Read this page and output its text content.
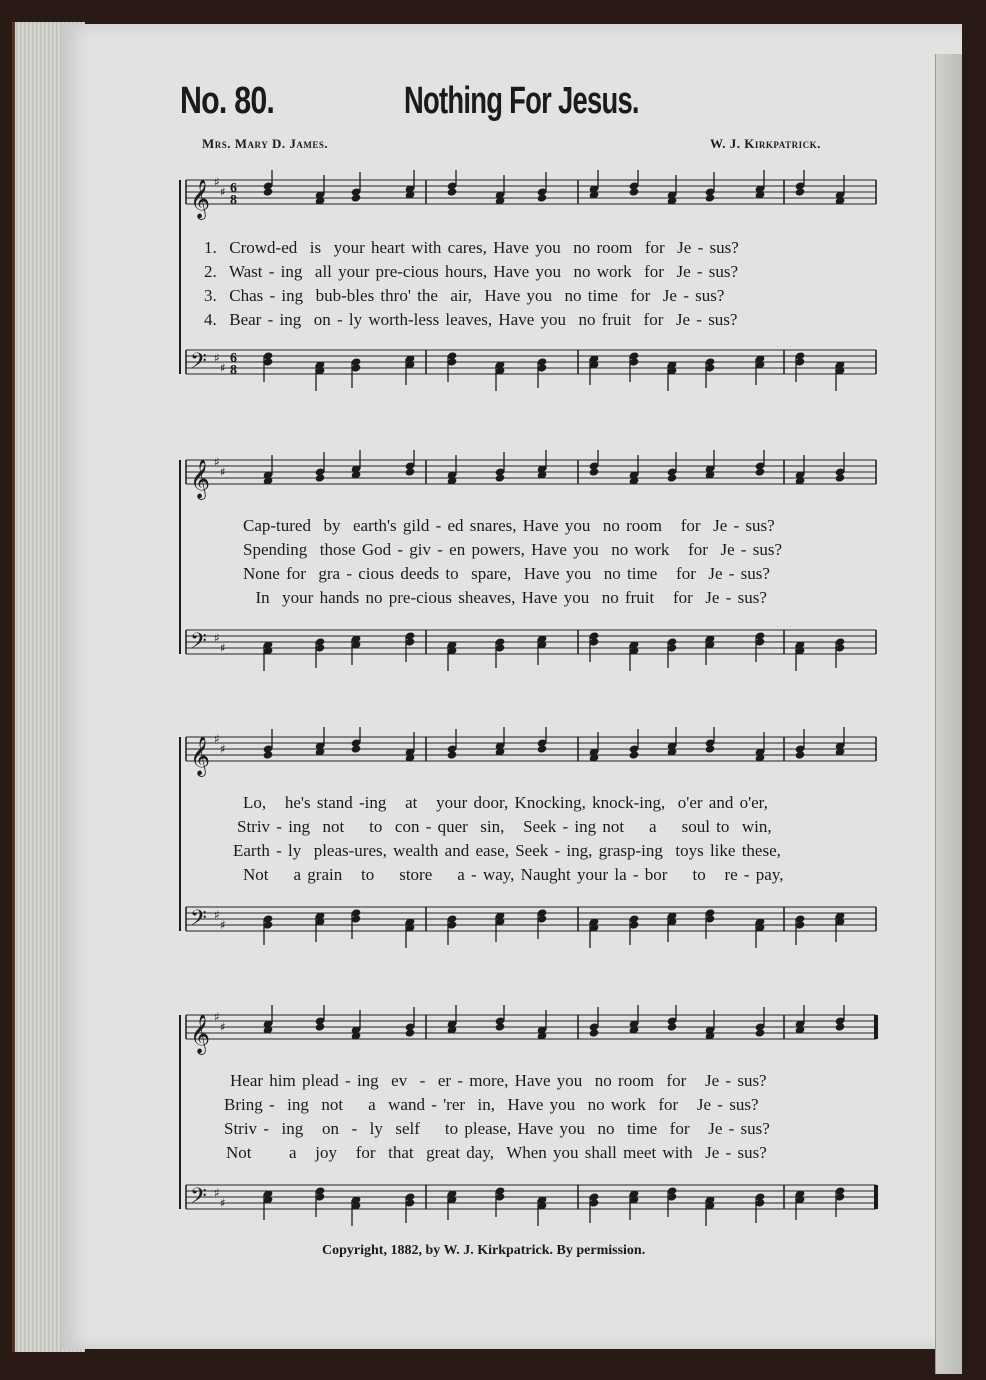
No. 80.	Nothing For Jesus.
Mrs. Mary D. James.	W. J. Kirkpatrick.
𝄞 ♯
♯ 6
8
𝄢 ♯
♯
6
8
1.  Crowd-ed  is  your heart with cares, Have you  no room  for  Je - sus?
2.  Wast - ing  all your pre-cious hours, Have you  no work  for  Je - sus?
3.  Chas - ing  bub-bles thro' the  air,  Have you  no time  for  Je - sus?
4.  Bear - ing  on - ly worth-less leaves, Have you  no fruit  for  Je - sus?
𝄞 ♯
♯
𝄢 ♯
♯
Cap-tured  by  earth's gild - ed snares, Have you  no room   for  Je - sus?
Spending  those God - giv - en powers, Have you  no work   for  Je - sus?
None for  gra - cious deeds to  spare,  Have you  no time   for  Je - sus?
In  your hands no pre-cious sheaves, Have you  no fruit   for  Je - sus?
𝄞 ♯
♯
𝄢 ♯
♯
Lo,   he's stand -ing   at   your door, Knocking, knock-ing,  o'er and o'er,
Striv - ing  not    to  con - quer  sin,   Seek - ing not    a    soul to  win,
Earth - ly  pleas-ures, wealth and ease, Seek - ing, grasp-ing  toys like these,
Not    a grain   to    store    a - way, Naught your la - bor    to   re - pay,
𝄞 ♯
♯
𝄢 ♯
♯
Hear him plead - ing  ev  -  er - more, Have you  no room  for   Je - sus?
Bring -  ing  not    a  wand - 'rer  in,  Have you  no work  for   Je - sus?
Striv -  ing   on  -  ly  self    to please, Have you  no  time  for   Je - sus?
Not      a   joy   for  that  great day,  When you shall meet with  Je - sus?
Copyright, 1882, by W. J. Kirkpatrick. By permission.
